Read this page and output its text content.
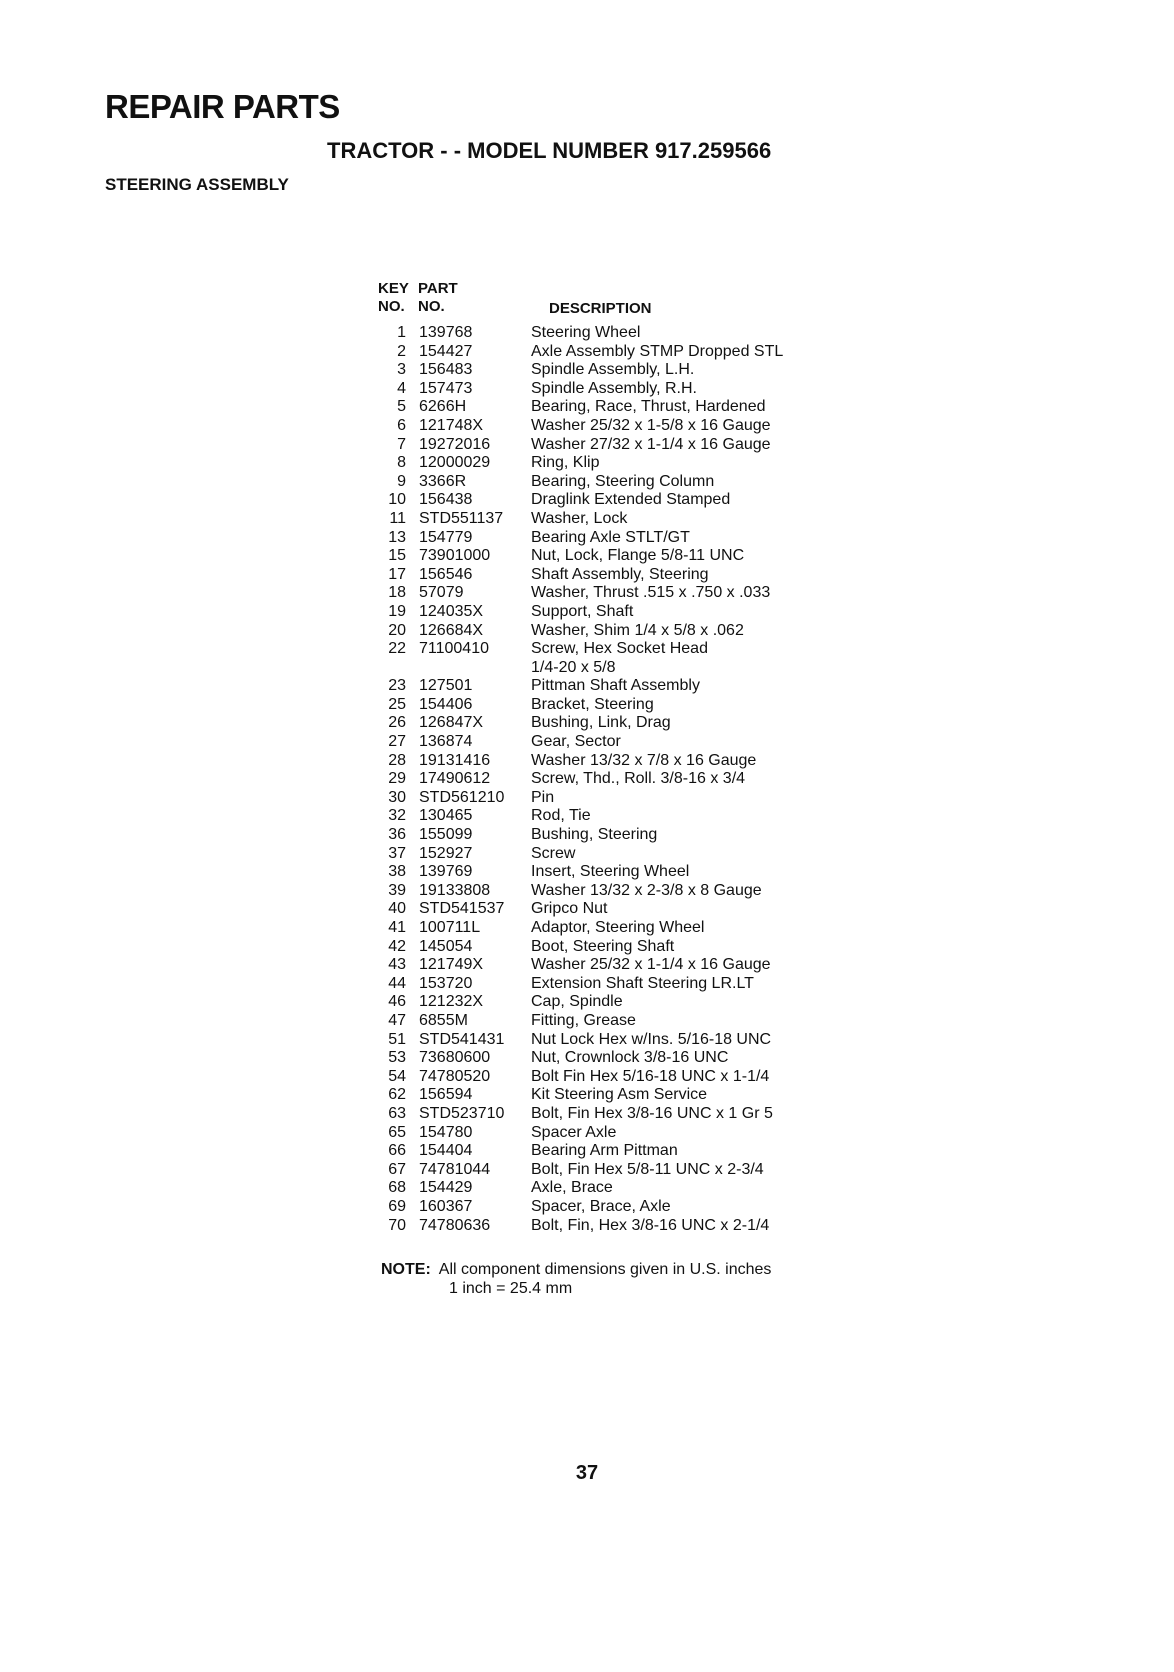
REPAIR PARTS
TRACTOR - - MODEL NUMBER 917.259566
STEERING ASSEMBLY
KEY
NO.
PART
NO.	DESCRIPTION
1 139768	Steering Wheel
2 154427	Axle Assembly STMP Dropped STL
3 156483	Spindle Assembly, L.H.
4 157473	Spindle Assembly, R.H.
5 6266H	Bearing, Race, Thrust, Hardened
6 121748X	Washer 25/32 x 1-5/8 x 16 Gauge
7 19272016	Washer 27/32 x 1-1/4 x 16 Gauge
8 12000029	Ring, Klip
9 3366R	Bearing, Steering Column
10 156438	Draglink Extended Stamped
11 STD551137	Washer, Lock
13 154779	Bearing Axle STLT/GT
15 73901000	Nut, Lock, Flange 5/8-11 UNC
17 156546	Shaft Assembly, Steering
18 57079	Washer, Thrust .515 x .750 x .033
19 124035X	Support, Shaft
20 126684X	Washer, Shim 1/4 x 5/8 x .062
22 71100410	Screw, Hex Socket Head
1/4-20 x 5/8
23 127501	Pittman Shaft Assembly
25 154406	Bracket, Steering
26 126847X	Bushing, Link, Drag
27 136874	Gear, Sector
28 19131416	Washer 13/32 x 7/8 x 16 Gauge
29 17490612	Screw, Thd., Roll. 3/8-16 x 3/4
30 STD561210	Pin
32 130465	Rod, Tie
36 155099	Bushing, Steering
37 152927	Screw
38 139769	Insert, Steering Wheel
39 19133808	Washer 13/32 x 2-3/8 x 8 Gauge
40 STD541537	Gripco Nut
41 100711L	Adaptor, Steering Wheel
42 145054	Boot, Steering Shaft
43 121749X	Washer 25/32 x 1-1/4 x 16 Gauge
44 153720	Extension Shaft Steering LR.LT
46 121232X	Cap, Spindle
47 6855M	Fitting, Grease
51 STD541431	Nut Lock Hex w/Ins. 5/16-18 UNC
53 73680600	Nut, Crownlock 3/8-16 UNC
54 74780520	Bolt Fin Hex 5/16-18 UNC x 1-1/4
62 156594	Kit Steering Asm Service
63 STD523710	Bolt, Fin Hex 3/8-16 UNC x 1 Gr 5
65 154780	Spacer Axle
66 154404	Bearing Arm Pittman
67 74781044	Bolt, Fin Hex 5/8-11 UNC x 2-3/4
68 154429	Axle, Brace
69 160367	Spacer, Brace, Axle
70 74780636	Bolt, Fin, Hex 3/8-16 UNC x 2-1/4
NOTE: All component dimensions given in U.S. inches
1 inch = 25.4 mm
37
